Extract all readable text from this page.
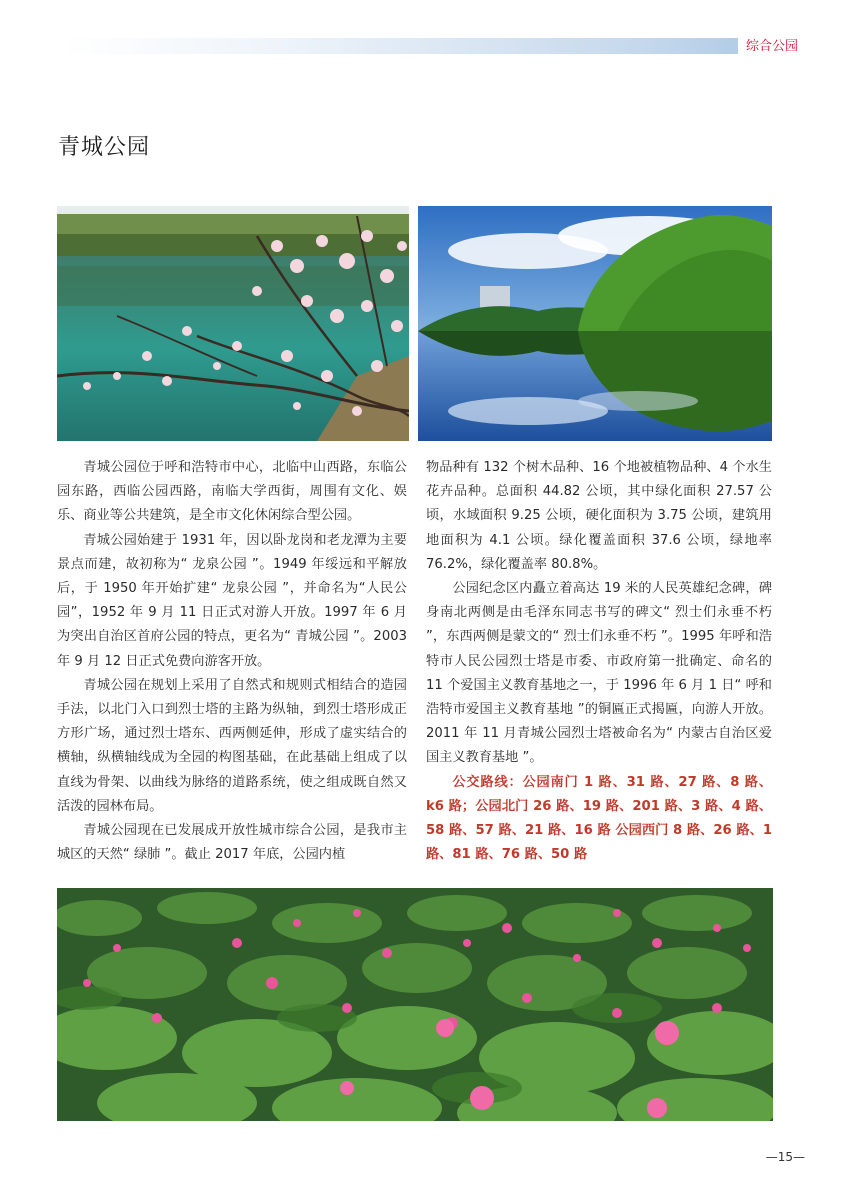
综合公园
青城公园

青城公园位于呼和浩特市中心，北临中山西路，东临公园东路，西临公园西路，南临大学西街，周围有文化、娱乐、商业等公共建筑，是全市文化休闲综合型公园。

青城公园始建于 1931 年，因以卧龙岗和老龙潭为主要景点而建，故初称为“ 龙泉公园 ”。1949 年绥远和平解放后，于 1950 年开始扩建“ 龙泉公园 ”，并命名为“人民公园”，1952 年 9 月 11 日正式对游人开放。1997 年 6 月为突出自治区首府公园的特点，更名为“ 青城公园 ”。2003 年 9 月 12 日正式免费向游客开放。

青城公园在规划上采用了自然式和规则式相结合的造园手法，以北门入口到烈士塔的主路为纵轴，到烈士塔形成正方形广场，通过烈士塔东、西两侧延伸，形成了虚实结合的横轴，纵横轴线成为全园的构图基础，在此基础上组成了以直线为骨架、以曲线为脉络的道路系统，使之组成既自然又活泼的园林布局。

青城公园现在已发展成开放性城市综合公园，是我市主城区的天然“ 绿肺 ”。截止 2017 年底，公园内植

物品种有 132 个树木品种、16 个地被植物品种、4 个水生花卉品种。总面积 44.82 公顷，其中绿化面积 27.57 公顷，水域面积 9.25 公顷，硬化面积为 3.75 公顷，建筑用地面积为 4.1 公顷。绿化覆盖面积 37.6 公顷，绿地率 76.2%，绿化覆盖率 80.8%。

公园纪念区内矗立着高达 19 米的人民英雄纪念碑，碑身南北两侧是由毛泽东同志书写的碑文“ 烈士们永垂不朽 ”，东西两侧是蒙文的“ 烈士们永垂不朽 ”。1995 年呼和浩特市人民公园烈士塔是市委、市政府第一批确定、命名的 11 个爱国主义教育基地之一，于 1996 年 6 月 1 日“ 呼和浩特市爱国主义教育基地 ”的铜匾正式揭匾，向游人开放。2011 年 11 月青城公园烈士塔被命名为“ 内蒙古自治区爱国主义教育基地 ”。

公交路线：公园南门 1 路、31 路、27 路、8 路、k6 路；公园北门 26 路、19 路、201 路、3 路、4 路、58 路、57 路、21 路、16 路 公园西门 8 路、26 路、1 路、81 路、76 路、50 路

—15—
